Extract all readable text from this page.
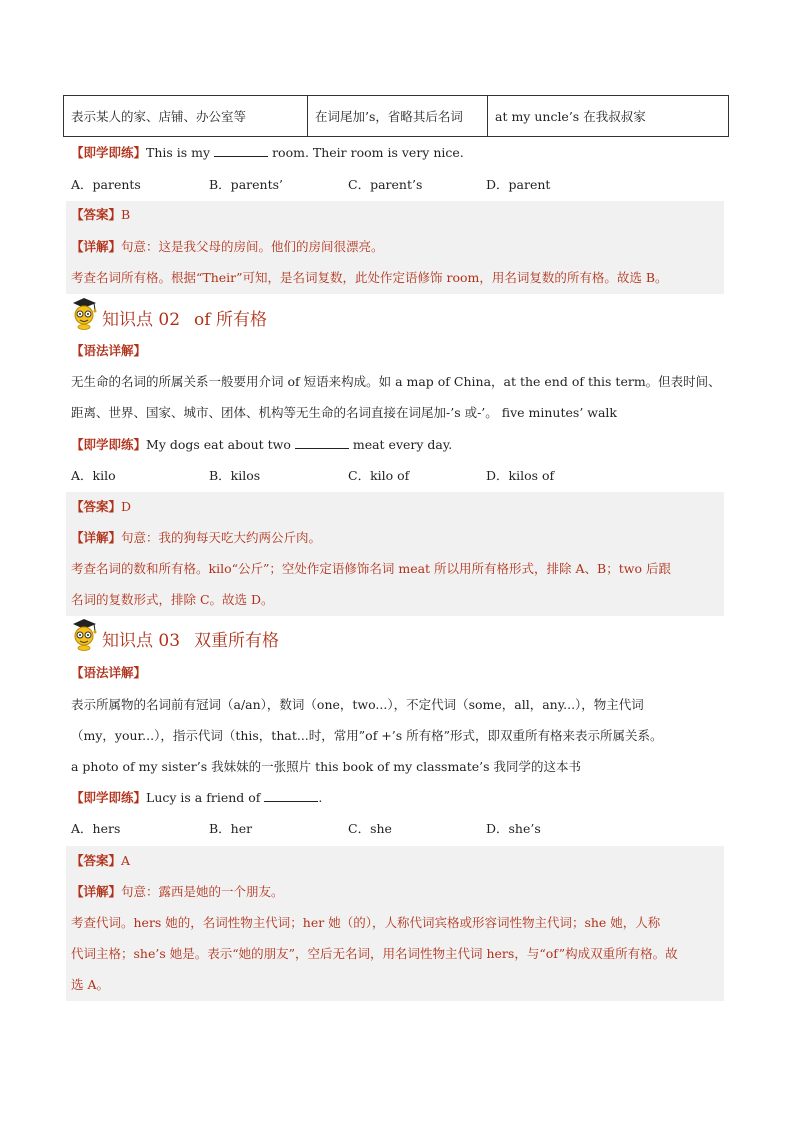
表示某人的家、店铺、办公室等	在词尾加’s，省略其后名词	at my uncle’s 在我叔叔家
【即学即练】This is my	room. Their room is very nice.
A．parents	B．parents’	C．parent’s	D．parent
【答案】B
【详解】句意：这是我父母的房间。他们的房间很漂亮。
考查名词所有格。根据“Their”可知，是名词复数，此处作定语修饰 room，用名词复数的所有格。故选 B。
知识点 02 of 所有格
【语法详解】
无生命的名词的所属关系一般要用介词 of 短语来构成。如 a map of China，at the end of this term。但表时间、
距离、世界、国家、城市、团体、机构等无生命的名词直接在词尾加-’s 或-’。 five minutes’ walk
【即学即练】My dogs eat about two	meat every day.
A．kilo	B．kilos	C．kilo of	D．kilos of
【答案】D
【详解】句意：我的狗每天吃大约两公斤肉。
考查名词的数和所有格。kilo“公斤”；空处作定语修饰名词 meat 所以用所有格形式，排除 A、B；two 后跟
名词的复数形式，排除 C。故选 D。
知识点 03 双重所有格
【语法详解】
表示所属物的名词前有冠词（a/an），数词（one，two...），不定代词（some，all，any...），物主代词
（my，your...），指示代词（this，that...时，常用”of +’s 所有格”形式，即双重所有格来表示所属关系。
a photo of my sister’s 我妹妹的一张照片 this book of my classmate’s 我同学的这本书
【即学即练】Lucy is a friend of	.
A．hers	B．her	C．she	D．she’s
【答案】A
【详解】句意：露西是她的一个朋友。
考查代词。hers 她的，名词性物主代词；her 她（的），人称代词宾格或形容词性物主代词；she 她，人称
代词主格；she’s 她是。表示“她的朋友”，空后无名词，用名词性物主代词 hers，与“of”构成双重所有格。故
选 A。
